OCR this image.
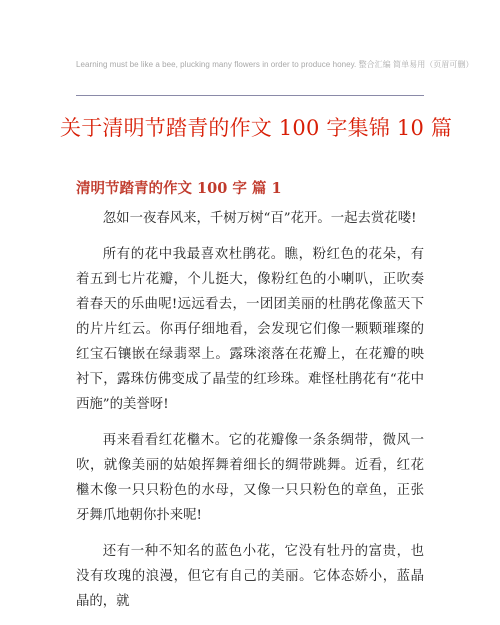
Learning must be like a bee, plucking many flowers in order to produce honey. 整合汇编 简单易用（页眉可删）
关于清明节踏青的作文 100 字集锦 10 篇
清明节踏青的作文 100 字 篇 1

忽如一夜春风来，千树万树“百”花开。一起去赏花喽!

所有的花中我最喜欢杜鹃花。瞧，粉红色的花朵，有着五到七片花瓣，个儿挺大，像粉红色的小喇叭，正吹奏着春天的乐曲呢!远远看去，一团团美丽的杜鹃花像蓝天下的片片红云。你再仔细地看，会发现它们像一颗颗璀璨的红宝石镶嵌在绿翡翠上。露珠滚落在花瓣上，在花瓣的映衬下，露珠仿佛变成了晶莹的红珍珠。难怪杜鹃花有“花中西施”的美誉呀!

再来看看红花檵木。它的花瓣像一条条绸带，微风一吹，就像美丽的姑娘挥舞着细长的绸带跳舞。近看，红花檵木像一只只粉色的水母，又像一只只粉色的章鱼，正张牙舞爪地朝你扑来呢!

还有一种不知名的蓝色小花，它没有牡丹的富贵，也没有玫瑰的浪漫，但它有自己的美丽。它体态娇小，蓝晶晶的，就
